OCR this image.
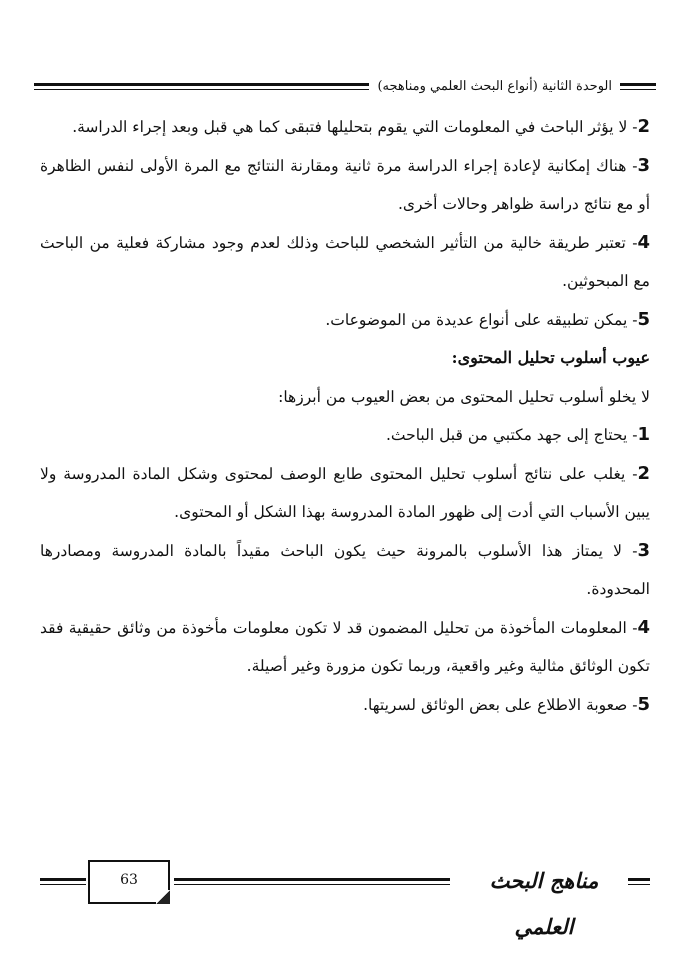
الوحدة الثانية (أنواع البحث العلمي ومناهجه)

2- لا يؤثر الباحث في المعلومات التي يقوم بتحليلها فتبقى كما هي قبل وبعد إجراء الدراسة.

3- هناك إمكانية لإعادة إجراء الدراسة مرة ثانية ومقارنة النتائج مع المرة الأولى لنفس الظاهرة أو مع نتائج دراسة ظواهر وحالات أخرى.

4- تعتبر طريقة خالية من التأثير الشخصي للباحث وذلك لعدم وجود مشاركة فعلية من الباحث مع المبحوثين.

5- يمكن تطبيقه على أنواع عديدة من الموضوعات.

عيوب أسلوب تحليل المحتوى:

لا يخلو أسلوب تحليل المحتوى من بعض العيوب من أبرزها:

1- يحتاج إلى جهد مكتبي من قبل الباحث.

2- يغلب على نتائج أسلوب تحليل المحتوى طابع الوصف لمحتوى وشكل المادة المدروسة ولا يبين الأسباب التي أدت إلى ظهور المادة المدروسة بهذا الشكل أو المحتوى.

3- لا يمتاز هذا الأسلوب بالمرونة حيث يكون الباحث مقيداً بالمادة المدروسة ومصادرها المحدودة.

4- المعلومات المأخوذة من تحليل المضمون قد لا تكون معلومات مأخوذة من وثائق حقيقية فقد تكون الوثائق مثالية وغير واقعية، وربما تكون مزورة وغير أصيلة.

5- صعوبة الاطلاع على بعض الوثائق لسريتها.

63	مناهج البحث العلمي
